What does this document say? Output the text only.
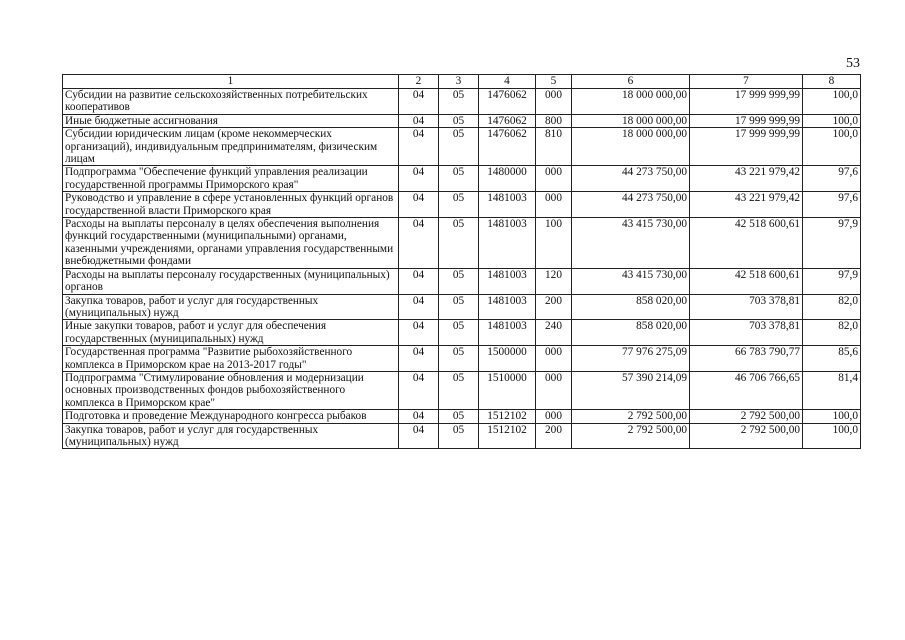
53
1	2	3	4	5	6	7	8
Субсидии на развитие сельскохозяйственных потребительских кооперативов	04	05	1476062	000	18 000 000,00	17 999 999,99	100,0
Иные бюджетные ассигнования	04	05	1476062	800	18 000 000,00	17 999 999,99	100,0
Субсидии юридическим лицам (кроме некоммерческих организаций), индивидуальным предпринимателям, физическим лицам	04	05	1476062	810	18 000 000,00	17 999 999,99	100,0
Подпрограмма "Обеспечение функций управления реализации государственной программы Приморского края"	04	05	1480000	000	44 273 750,00	43 221 979,42	97,6
Руководство и управление в сфере установленных функций органов государственной власти Приморского края	04	05	1481003	000	44 273 750,00	43 221 979,42	97,6
Расходы на выплаты персоналу в целях обеспечения выполнения функций государственными (муниципальными) органами, казенными учреждениями, органами управления государственными внебюджетными фондами	04	05	1481003	100	43 415 730,00	42 518 600,61	97,9
Расходы на выплаты персоналу государственных (муниципальных) органов	04	05	1481003	120	43 415 730,00	42 518 600,61	97,9
Закупка товаров, работ и услуг для государственных (муниципальных) нужд	04	05	1481003	200	858 020,00	703 378,81	82,0
Иные закупки товаров, работ и услуг для обеспечения государственных (муниципальных) нужд	04	05	1481003	240	858 020,00	703 378,81	82,0
Государственная программа "Развитие рыбохозяйственного комплекса в Приморском крае на 2013-2017 годы"	04	05	1500000	000	77 976 275,09	66 783 790,77	85,6
Подпрограмма "Стимулирование обновления и модернизации основных производственных фондов рыбохозяйственного комплекса в Приморском крае"	04	05	1510000	000	57 390 214,09	46 706 766,65	81,4
Подготовка и проведение Международного конгресса рыбаков	04	05	1512102	000	2 792 500,00	2 792 500,00	100,0
Закупка товаров, работ и услуг для государственных (муниципальных) нужд	04	05	1512102	200	2 792 500,00	2 792 500,00	100,0
